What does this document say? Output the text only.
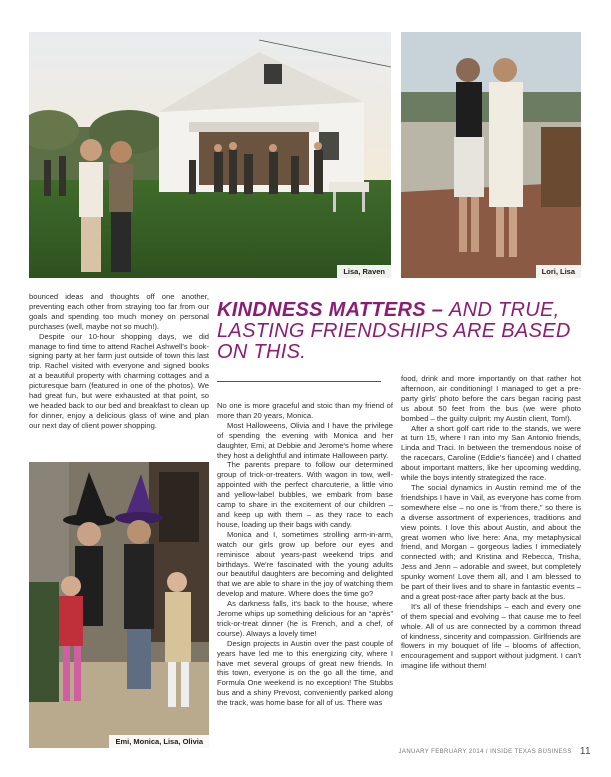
Lisa, Raven	Lori, Lisa
Emi, Monica, Lisa, Olivia

bounced ideas and thoughts off one another, preventing each other from straying too far from our goals and spending too much money on personal purchases (well, maybe not so much!).

Despite our 10-hour shopping days, we did manage to find time to attend Rachel Ashwell's book-signing party at her farm just outside of town this last trip. Rachel visited with everyone and signed books at a beautiful property with charming cottages and a picturesque barn (featured in one of the photos). We had great fun, but were exhausted at that point, so we headed back to our bed and breakfast to clean up for dinner, enjoy a delicious glass of wine and plan our next day of client power shopping.

KINDNESS MATTERS – AND TRUE, LASTING FRIENDSHIPS ARE BASED ON THIS.

No one is more graceful and stoic than my friend of more than 20 years, Monica.

Most Halloweens, Olivia and I have the privilege of spending the evening with Monica and her daughter, Emi, at Debbie and Jerome's home where they host a delightful and intimate Halloween party.

The parents prepare to follow our determined group of trick-or-treaters. With wagon in tow, well-appointed with the perfect charcuterie, a little vino and yellow-label bubbles, we embark from base camp to share in the excitement of our children – and keep up with them – as they race to each house, loading up their bags with candy.

Monica and I, sometimes strolling arm-in-arm, watch our girls grow up before our eyes and reminisce about years-past weekend trips and birthdays. We're fascinated with the young adults our beautiful daughters are becoming and delighted that we are able to share in the joy of watching them develop and mature. Where does the time go?

As darkness falls, it's back to the house, where Jerome whips up something delicious for an “après” trick-or-treat dinner (he is French, and a chef, of course). Always a lovely time!

Design projects in Austin over the past couple of years have led me to this energizing city, where I have met several groups of great new friends. In this town, everyone is on the go all the time, and Formula One weekend is no exception! The Stubbs bus and a shiny Prevost, conveniently parked along the track, was home base for all of us. There was

food, drink and more importantly on that rather hot afternoon, air conditioning! I managed to get a pre-party girls' photo before the cars began racing past us about 50 feet from the bus (we were photo bombed – the guilty culprit: my Austin client, Tom!).

After a short golf cart ride to the stands, we were at turn 15, where I ran into my San Antonio friends, Linda and Traci. In between the tremendous noise of the racecars, Caroline (Eddie's fiancée) and I chatted about important matters, like her upcoming wedding, while the boys intently strategized the race.

The social dynamics in Austin remind me of the friendships I have in Vail, as everyone has come from somewhere else – no one is “from there,” so there is a diverse assortment of experiences, traditions and view points. I love this about Austin, and about the great women who live here: Ana, my metaphysical friend, and Morgan – gorgeous ladies I immediately connected with; and Kristina and Rebecca, Trisha, Jess and Jenn – adorable and sweet, but completely spunky women! Love them all, and I am blessed to be part of their lives and to share in fantastic events – and a great post-race after party back at the bus.

It's all of these friendships – each and every one of them special and evolving – that cause me to feel whole. All of us are connected by a common thread of kindness, sincerity and compassion. Girlfriends are flowers in my bouquet of life – blooms of affection, encouragement and support without judgment. I can't imagine life without them!

JANUARY FEBRUARY 2014 / INSIDE TEXAS BUSINESS 11
